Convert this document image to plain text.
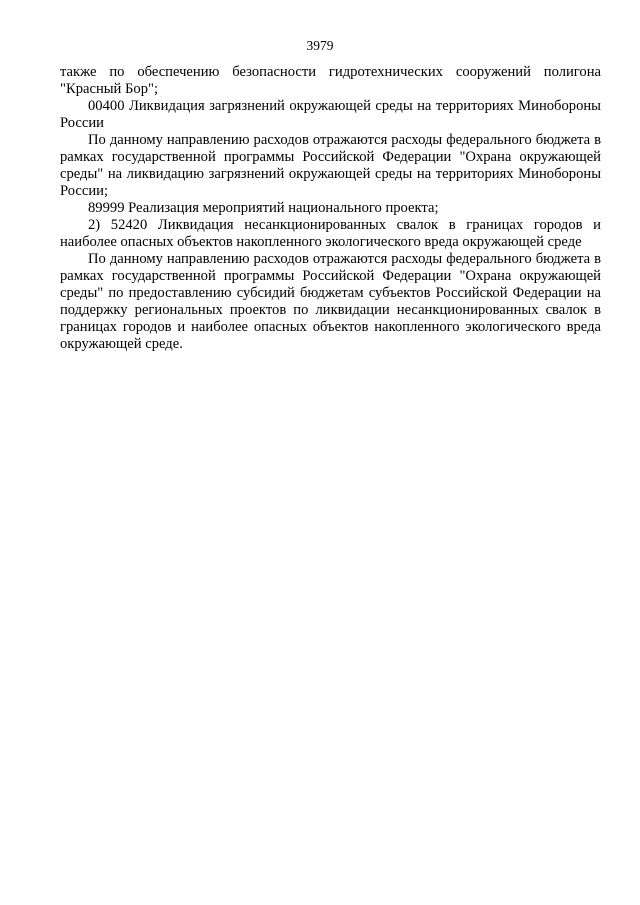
3979

также по обеспечению безопасности гидротехнических сооружений полигона "Красный Бор";

00400 Ликвидация загрязнений окружающей среды на территориях Минобороны России

По данному направлению расходов отражаются расходы федерального бюджета в рамках государственной программы Российской Федерации "Охрана окружающей среды" на ликвидацию загрязнений окружающей среды на территориях Минобороны России;

89999 Реализация мероприятий национального проекта;

2) 52420 Ликвидация несанкционированных свалок в границах городов и наиболее опасных объектов накопленного экологического вреда окружающей среде

По данному направлению расходов отражаются расходы федерального бюджета в рамках государственной программы Российской Федерации "Охрана окружающей среды" по предоставлению субсидий бюджетам субъектов Российской Федерации на поддержку региональных проектов по ликвидации несанкционированных свалок в границах городов и наиболее опасных объектов накопленного экологического вреда окружающей среде.
